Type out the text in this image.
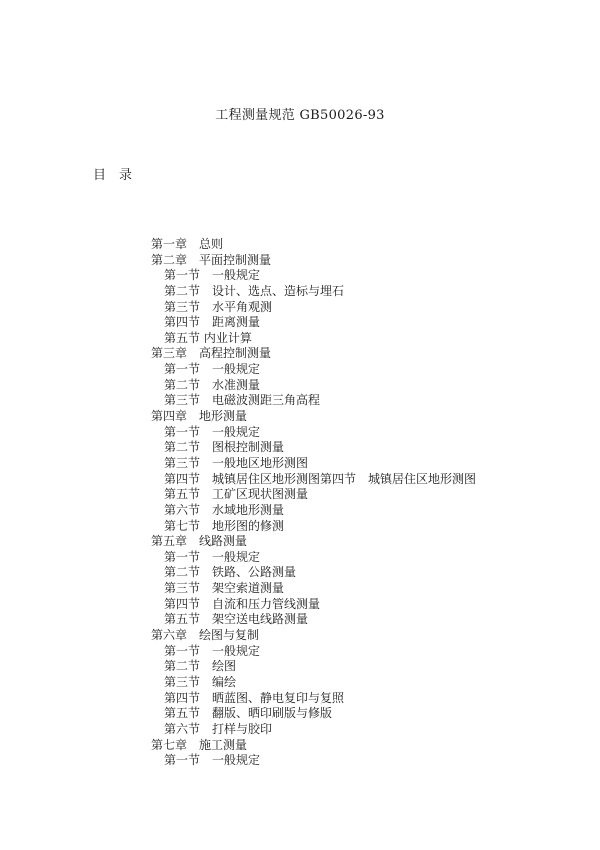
工程测量规范 GB50026-93
目　录
第一章　总则
第二章　平面控制测量
第一节　一般规定
第二节　设计、选点、造标与埋石
第三节　水平角观测
第四节　距离测量
第五节 内业计算
第三章　高程控制测量
第一节　一般规定
第二节　水准测量
第三节　电磁波测距三角高程
第四章　地形测量
第一节　一般规定
第二节　图根控制测量
第三节　一般地区地形测图
第四节　城镇居住区地形测图第四节　城镇居住区地形测图
第五节　工矿区现状图测量
第六节　水域地形测量
第七节　地形图的修测
第五章　线路测量
第一节　一般规定
第二节　铁路、公路测量
第三节　架空索道测量
第四节　自流和压力管线测量
第五节　架空送电线路测量
第六章　绘图与复制
第一节　一般规定
第二节　绘图
第三节　编绘
第四节　晒蓝图、静电复印与复照
第五节　翻版、晒印刷版与修版
第六节　打样与胶印
第七章　施工测量
第一节　一般规定
